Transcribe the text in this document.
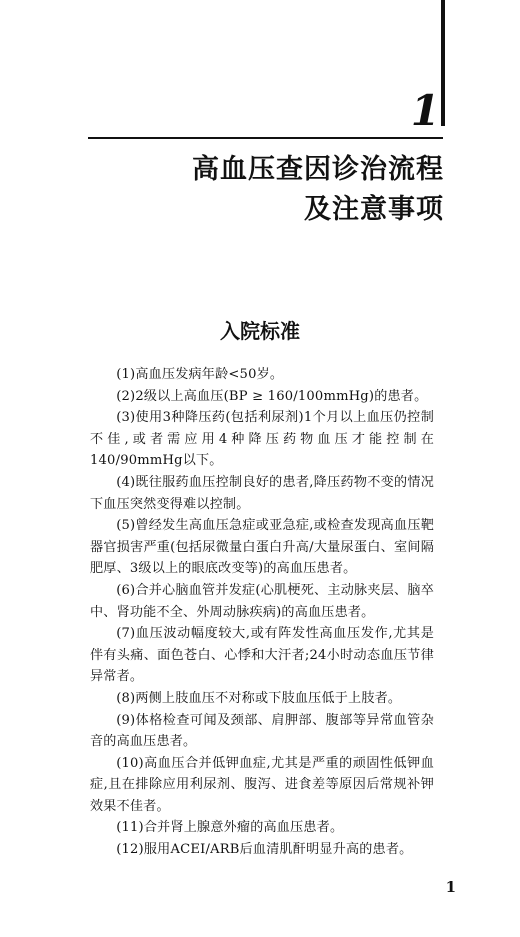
1
高血压查因诊治流程
及注意事项
入院标准

(1)高血压发病年龄<50岁。

(2)2级以上高血压(BP ≥ 160/100mmHg)的患者。

(3)使用3种降压药(包括利尿剂)1个月以上血压仍控制不佳,或者需应用4种降压药物血压才能控制在140/90mmHg以下。

(4)既往服药血压控制良好的患者,降压药物不变的情况下血压突然变得难以控制。

(5)曾经发生高血压急症或亚急症,或检查发现高血压靶器官损害严重(包括尿微量白蛋白升高/大量尿蛋白、室间隔肥厚、3级以上的眼底改变等)的高血压患者。

(6)合并心脑血管并发症(心肌梗死、主动脉夹层、脑卒中、肾功能不全、外周动脉疾病)的高血压患者。

(7)血压波动幅度较大,或有阵发性高血压发作,尤其是伴有头痛、面色苍白、心悸和大汗者;24小时动态血压节律异常者。

(8)两侧上肢血压不对称或下肢血压低于上肢者。

(9)体格检查可闻及颈部、肩胛部、腹部等异常血管杂音的高血压患者。

(10)高血压合并低钾血症,尤其是严重的顽固性低钾血症,且在排除应用利尿剂、腹泻、进食差等原因后常规补钾效果不佳者。

(11)合并肾上腺意外瘤的高血压患者。

(12)服用ACEI/ARB后血清肌酐明显升高的患者。

1
